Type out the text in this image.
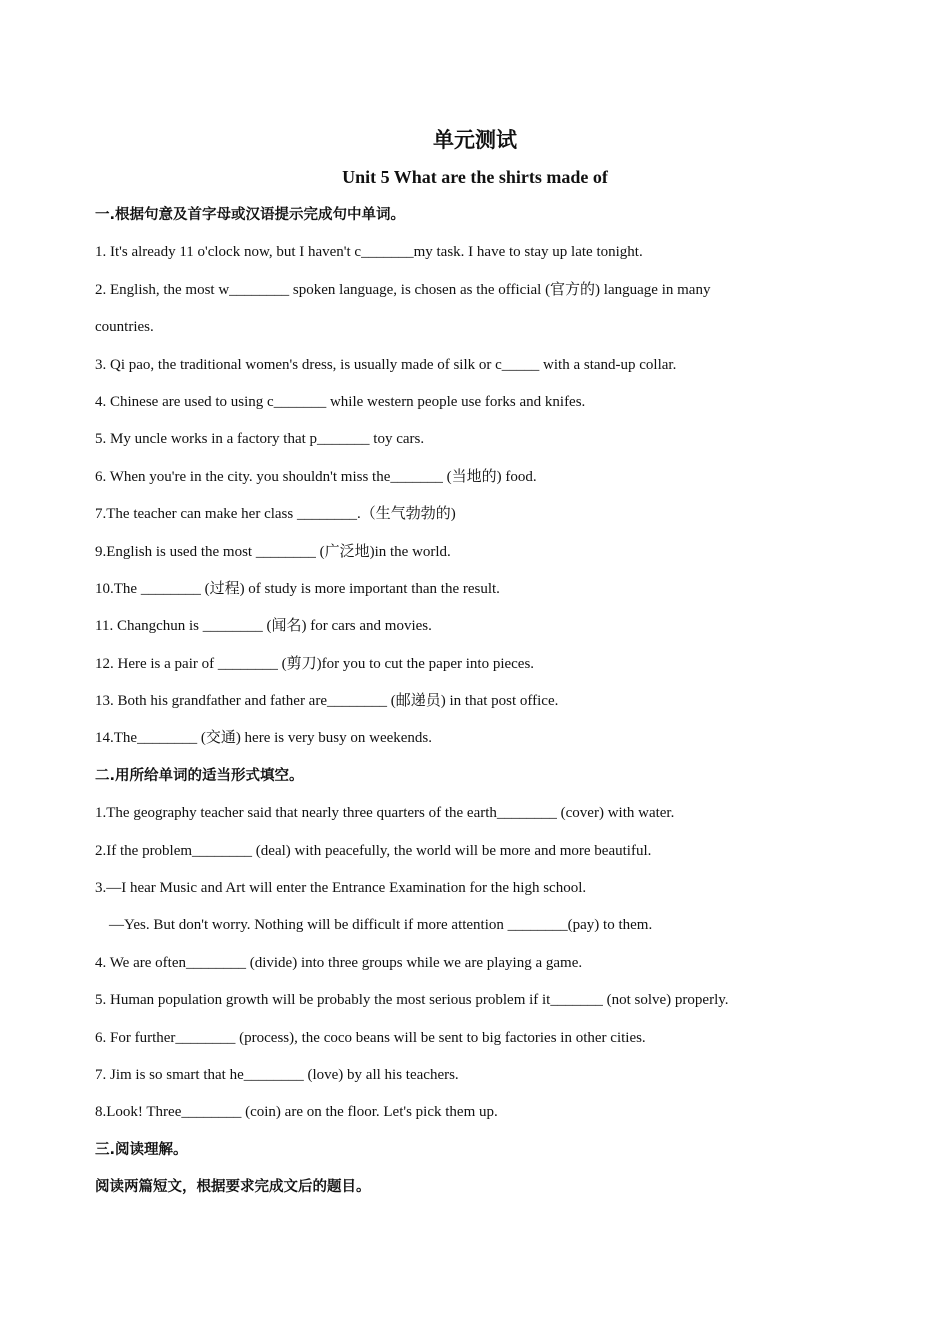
单元测试
Unit 5 What are the shirts made of
一.根据句意及首字母或汉语提示完成句中单词。
1. It's already 11 o'clock now, but I haven't c_______my task. I have to stay up late tonight.
2. English, the most w________ spoken language, is chosen as the official (官方的) language in many
countries.
3. Qi pao, the traditional women's dress, is usually made of silk or c_____ with a stand-up collar.
4. Chinese are used to using c_______ while western people use forks and knifes.
5. My uncle works in a factory that p_______ toy cars.
6. When you're in the city. you shouldn't miss the_______ (当地的) food.
7.The teacher can make her class ________.（生气勃勃的)
9.English is used the most ________ (广泛地)in the world.
10.The ________ (过程) of study is more important than the result.
11. Changchun is ________ (闻名) for cars and movies.
12. Here is a pair of ________ (剪刀)for you to cut the paper into pieces.
13. Both his grandfather and father are________ (邮递员) in that post office.
14.The________ (交通) here is very busy on weekends.
二.用所给单词的适当形式填空。
1.The geography teacher said that nearly three quarters of the earth________ (cover) with water.
2.If the problem________ (deal) with peacefully, the world will be more and more beautiful.
3.—I hear Music and Art will enter the Entrance Examination for the high school.
—Yes. But don't worry. Nothing will be difficult if more attention ________(pay) to them.
4. We are often________ (divide) into three groups while we are playing a game.
5. Human population growth will be probably the most serious problem if it_______ (not solve) properly.
6. For further________ (process), the coco beans will be sent to big factories in other cities.
7. Jim is so smart that he________ (love) by all his teachers.
8.Look! Three________ (coin) are on the floor. Let's pick them up.
三.阅读理解。
阅读两篇短文，根据要求完成文后的题目。
